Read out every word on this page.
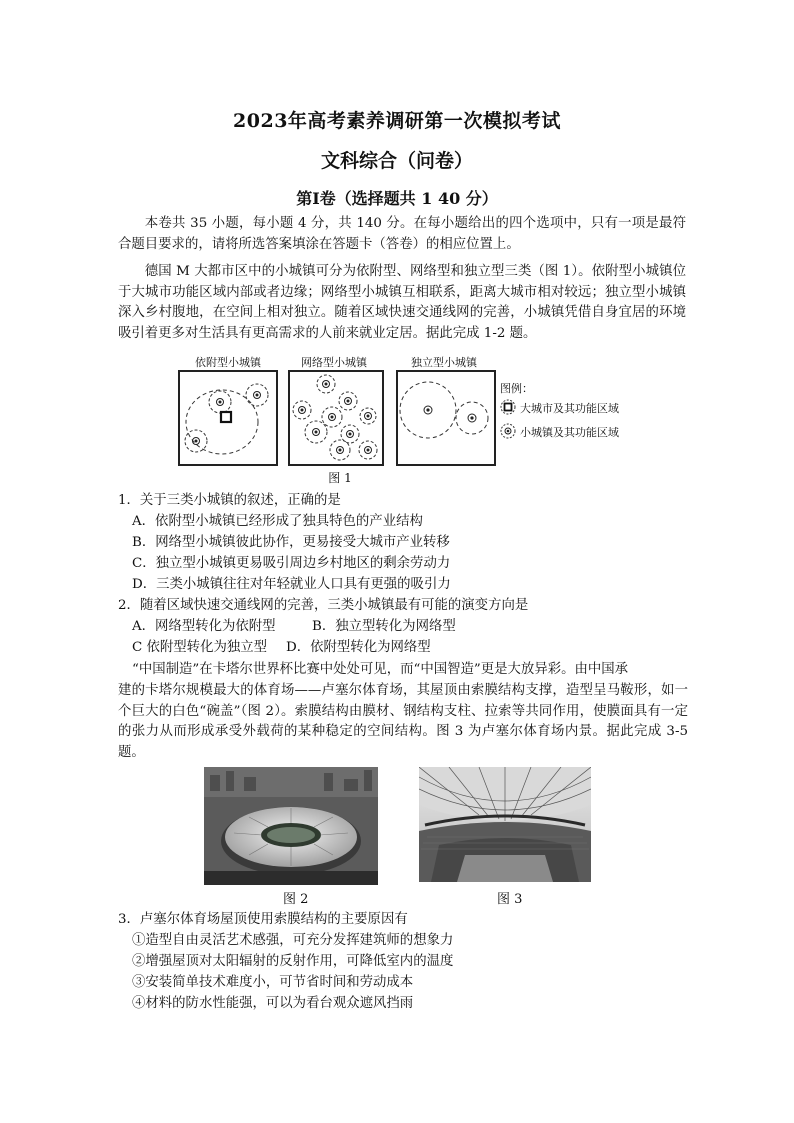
2023年高考素养调研第一次模拟考试
文科综合（问卷）
第Ⅰ卷（选择题共 1 40 分）
本卷共 35 小题，每小题 4 分，共 140 分。在每小题给出的四个选项中，只有一项是最符合题目要求的，请将所选答案填涂在答题卡（答卷）的相应位置上。
德国 M 大都市区中的小城镇可分为依附型、网络型和独立型三类（图 1）。依附型小城镇位于大城市功能区域内部或者边缘；网络型小城镇互相联系，距离大城市相对较远；独立型小城镇深入乡村腹地，在空间上相对独立。随着区域快速交通线网的完善，小城镇凭借自身宜居的环境吸引着更多对生活具有更高需求的人前来就业定居。据此完成 1-2 题。
依附型小城镇	网络型小城镇	独立型小城镇
图例：
大城市及其功能区域
小城镇及其功能区域
图 1
1．关于三类小城镇的叙述，正确的是
A．依附型小城镇已经形成了独具特色的产业结构
B．网络型小城镇彼此协作，更易接受大城市产业转移
C．独立型小城镇更易吸引周边乡村地区的剩余劳动力
D．三类小城镇往往对年轻就业人口具有更强的吸引力
2．随着区域快速交通线网的完善，三类小城镇最有可能的演变方向是
A．网络型转化为依附型	B．独立型转化为网络型
C 依附型转化为独立型 D．依附型转化为网络型
“中国制造”在卡塔尔世界杯比赛中处处可见，而“中国智造”更是大放异彩。由中国承
建的卡塔尔规模最大的体育场——卢塞尔体育场，其屋顶由索膜结构支撑，造型呈马鞍形，如一个巨大的白色“碗盖”（图 2）。索膜结构由膜材、钢结构支柱、拉索等共同作用，使膜面具有一定的张力从而形成承受外载荷的某种稳定的空间结构。图 3 为卢塞尔体育场内景。据此完成 3-5 题。
图 2	图 3
3．卢塞尔体育场屋顶使用索膜结构的主要原因有
①造型自由灵活艺术感强，可充分发挥建筑师的想象力
②增强屋顶对太阳辐射的反射作用，可降低室内的温度
③安装简单技术难度小，可节省时间和劳动成本
④材料的防水性能强，可以为看台观众遮风挡雨
